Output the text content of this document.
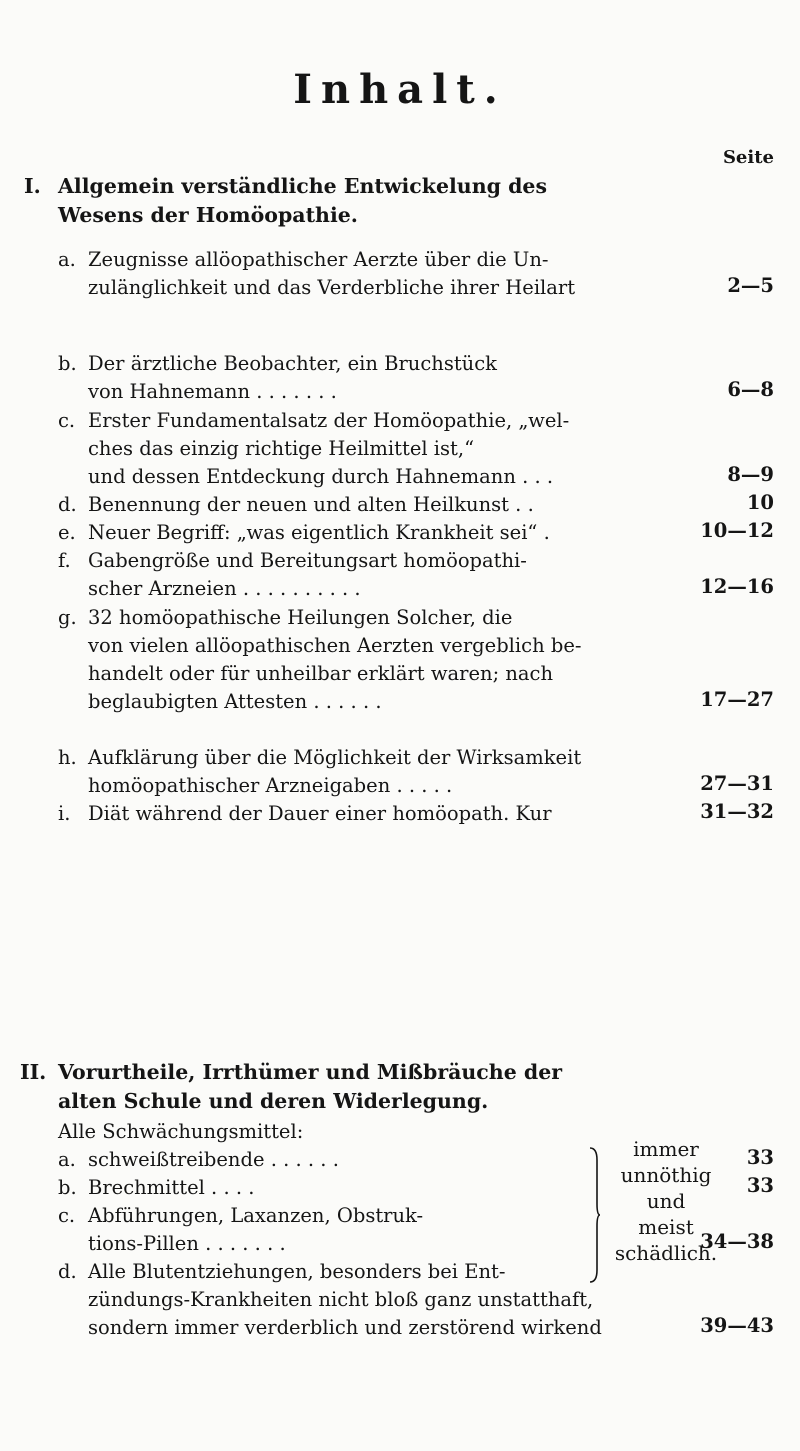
Inhalt.
Seite
I. Allgemein verständliche Entwickelung des
Wesens der Homöopathie.
a. Zeugnisse allöopathischer Aerzte über die Un-
zulänglichkeit und das Verderbliche ihrer Heilart	2—5
b. Der ärztliche Beobachter, ein Bruchstück
von Hahnemann . . . . . . .	6—8
c. Erster Fundamentalsatz der Homöopathie, „wel-
ches das einzig richtige Heilmittel ist,“
und dessen Entdeckung durch Hahnemann . . .	8—9
d. Benennung der neuen und alten Heilkunst . .	10
e. Neuer Begriff: „was eigentlich Krankheit sei“ .	10—12
f. Gabengröße und Bereitungsart homöopathi-
scher Arzneien . . . . . . . . . .	12—16
g. 32 homöopathische Heilungen Solcher, die
von vielen allöopathischen Aerzten vergeblich be-
handelt oder für unheilbar erklärt waren; nach
beglaubigten Attesten . . . . . .	17—27
h. Aufklärung über die Möglichkeit der Wirksamkeit
homöopathischer Arzneigaben . . . . .	27—31
i. Diät während der Dauer einer homöopath. Kur	31—32
II. Vorurtheile, Irrthümer und Mißbräuche der
alten Schule und deren Widerlegung.
Alle Schwächungsmittel:
a. schweißtreibende . . . . . .	33
b. Brechmittel . . . .	33
c. Abführungen, Laxanzen, Obstruk-
tions-Pillen . . . . . . .	34—38
immer
unnöthig
und
meist
schädlich.
d. Alle Blutentziehungen, besonders bei Ent-
zündungs-Krankheiten nicht bloß ganz unstatthaft,
sondern immer verderblich und zerstörend wirkend	39—43
